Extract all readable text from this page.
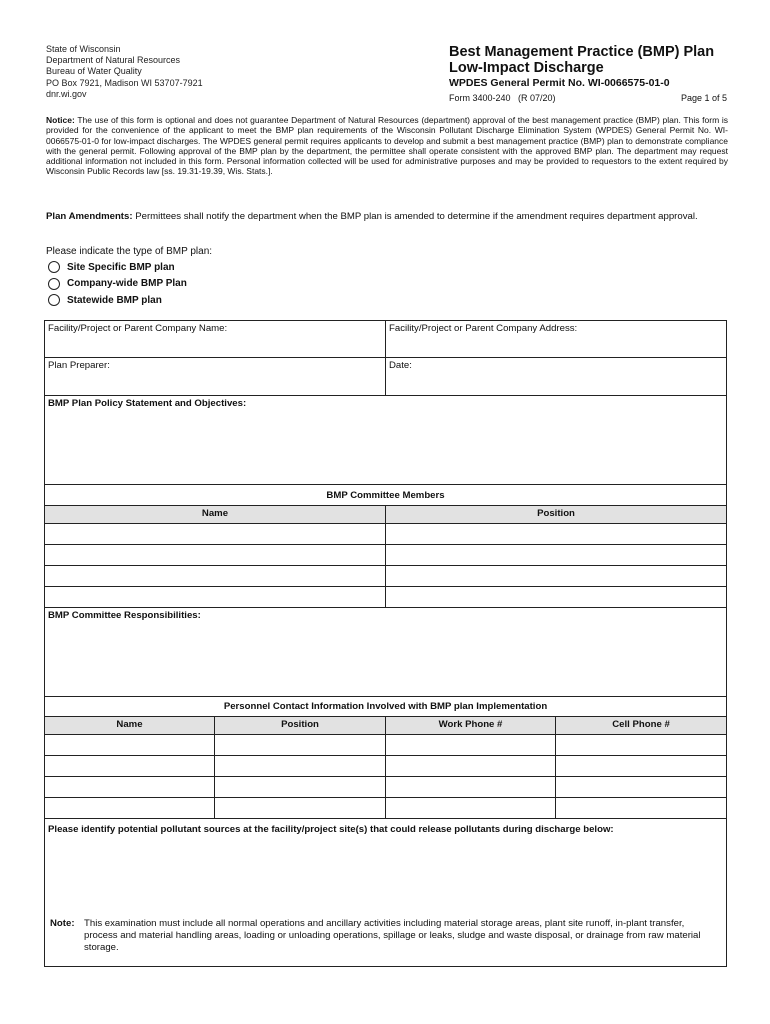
State of Wisconsin
Department of Natural Resources
Bureau of Water Quality
PO Box 7921, Madison WI 53707-7921
dnr.wi.gov
Best Management Practice (BMP) Plan
Low-Impact Discharge
WPDES General Permit No. WI-0066575-01-0
Form 3400-240   (R 07/20)	Page 1 of 5
Notice: The use of this form is optional and does not guarantee Department of Natural Resources (department) approval of the best management practice (BMP) plan. This form is provided for the convenience of the applicant to meet the BMP plan requirements of the Wisconsin Pollutant Discharge Elimination System (WPDES) General Permit No. WI-0066575-01-0 for low-impact discharges. The WPDES general permit requires applicants to develop and submit a best management practice (BMP) plan to demonstrate compliance with the general permit. Following approval of the BMP plan by the department, the permittee shall operate consistent with the approved BMP plan. The department may request additional information not included in this form. Personal information collected will be used for administrative purposes and may be provided to requestors to the extent required by Wisconsin Public Records law [ss. 19.31-19.39, Wis. Stats.].
Plan Amendments: Permittees shall notify the department when the BMP plan is amended to determine if the amendment requires department approval.
Please indicate the type of BMP plan:
Site Specific BMP plan
Company-wide BMP Plan
Statewide BMP plan
Facility/Project or Parent Company Name:		Facility/Project or Parent Company Address:	
Plan Preparer:		Date:	
BMP Plan Policy Statement and Objectives:			
BMP Committee Members			
Name		Position	

BMP Committee Responsibilities:			
Personnel Contact Information Involved with BMP plan Implementation			
Name	Position	Work Phone #	Cell Phone #

Please identify potential pollutant sources at the facility/project site(s) that could release pollutants during discharge below:
Note: This examination must include all normal operations and ancillary activities including material storage areas, plant site runoff, in-plant transfer, process and material handling areas, loading or unloading operations, spillage or leaks, sludge and waste disposal, or drainage from raw material storage.			
